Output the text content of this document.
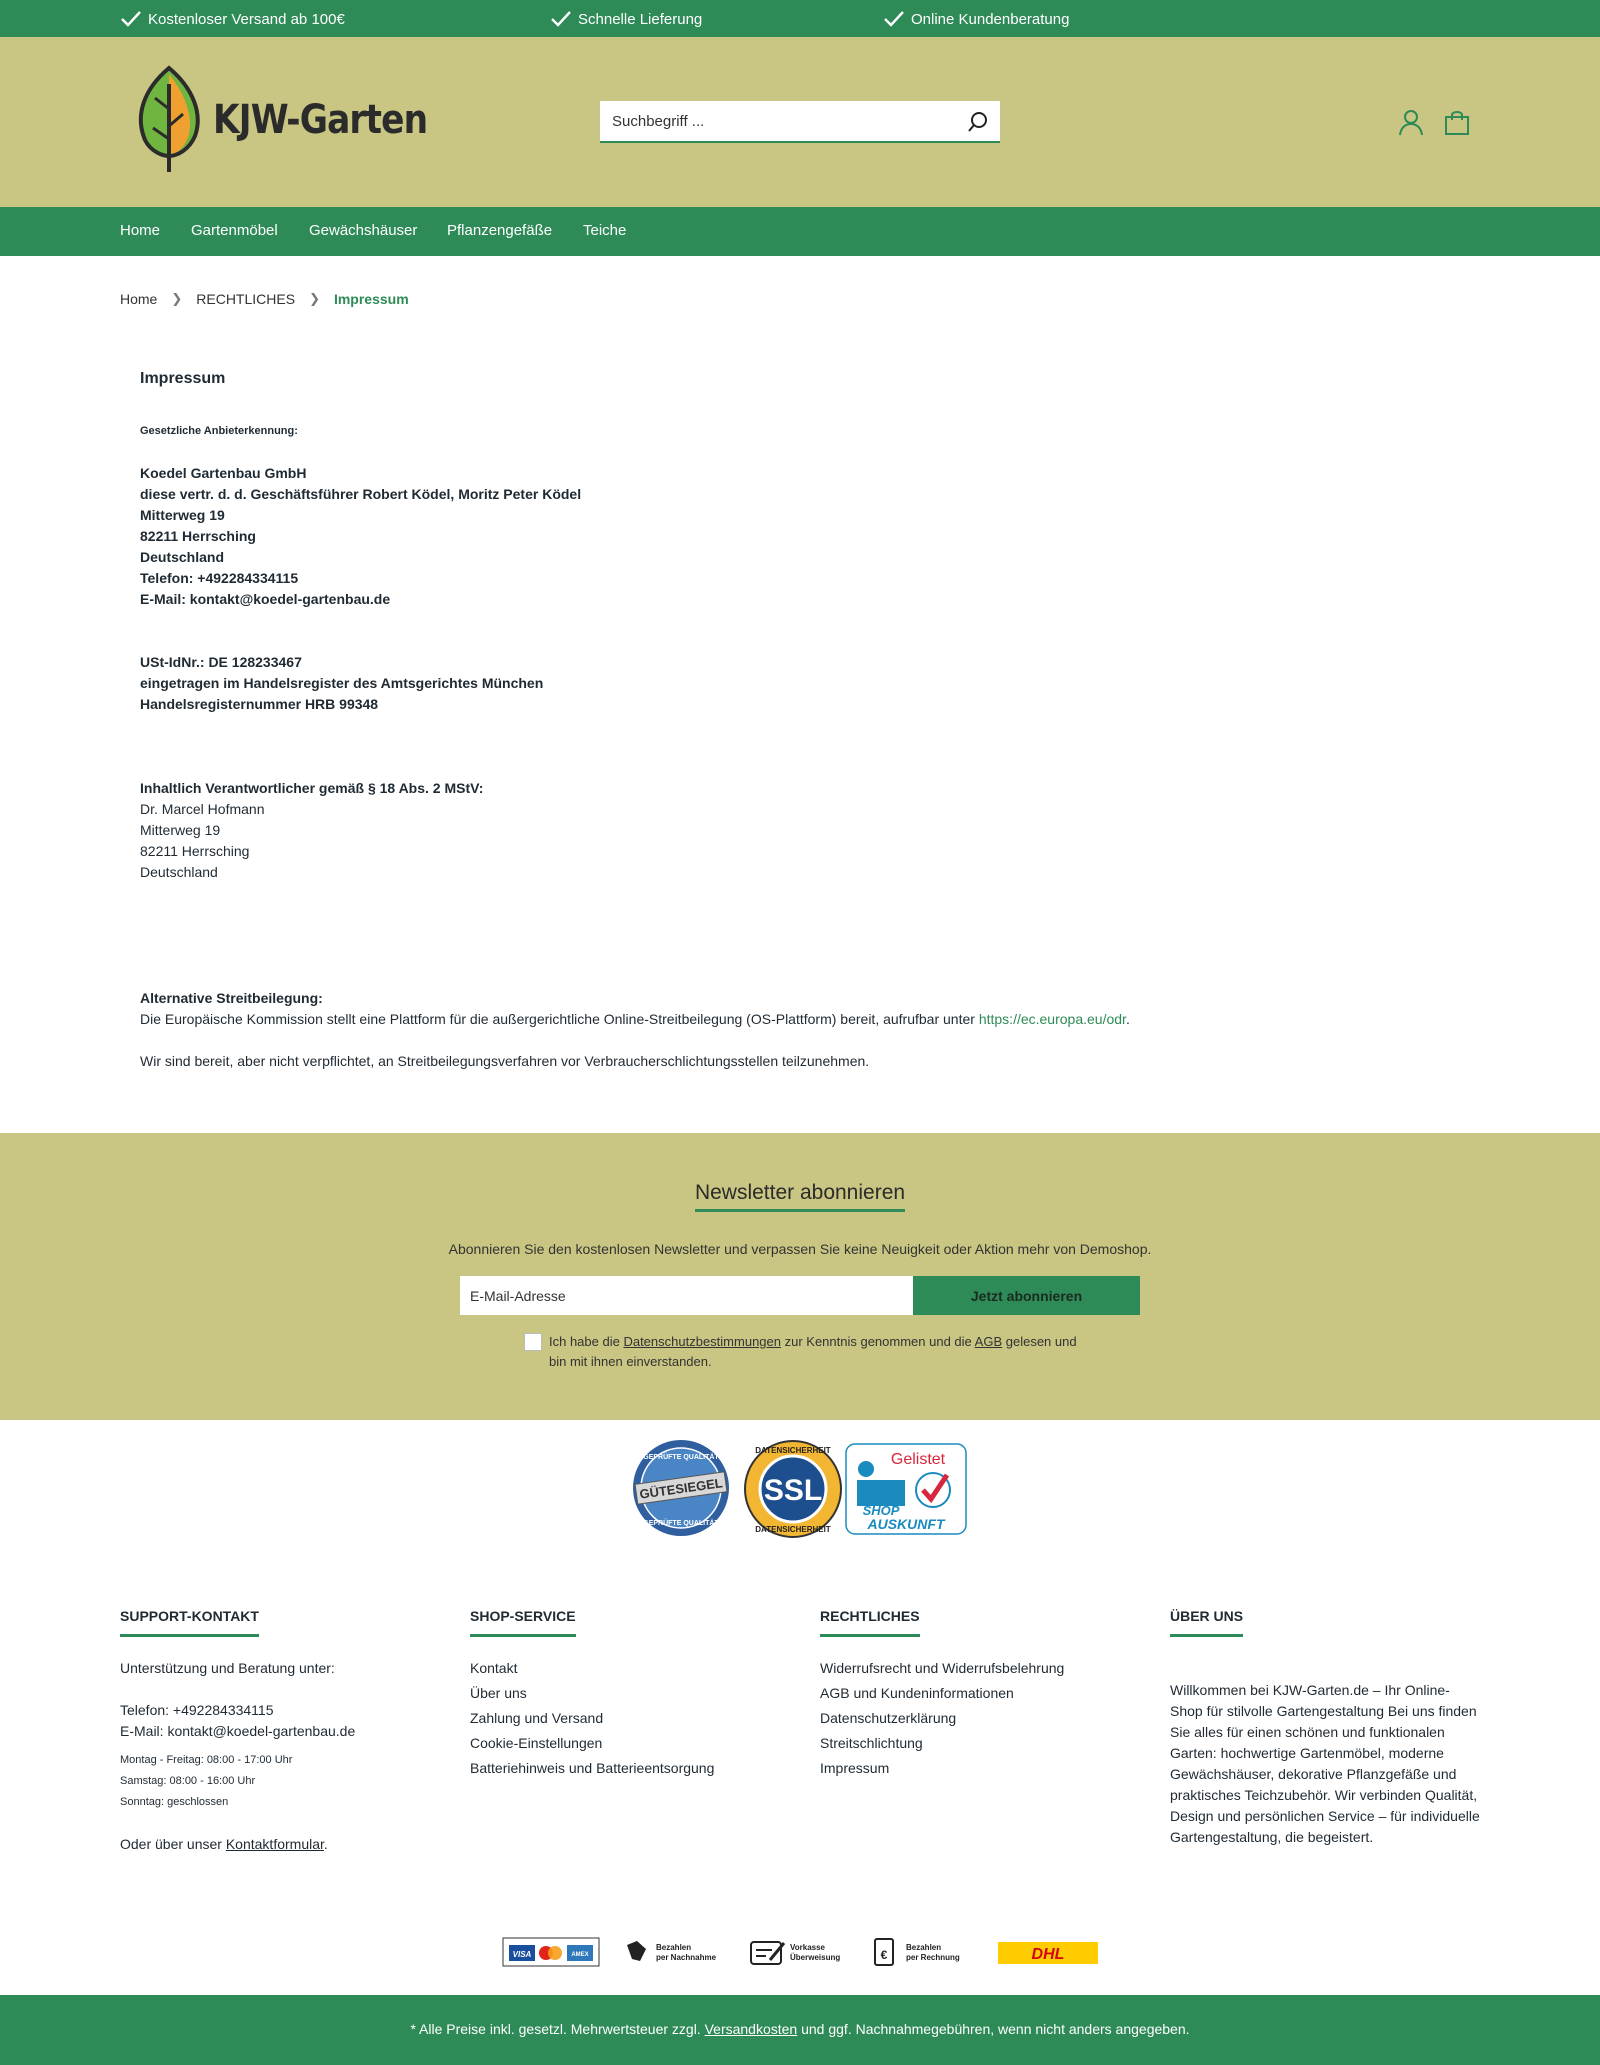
Kostenloser Versand ab 100€	Schnelle Lieferung	Online Kundenberatung
KJW-Garten
Suchbegriff ...
Home Gartenmöbel Gewächshäuser Pflanzengefäße Teiche
Home ❯ RECHTLICHES ❯ Impressum
Impressum
Gesetzliche Anbieterkennung:
Koedel Gartenbau GmbH
diese vertr. d. d. Geschäftsführer Robert Ködel, Moritz Peter Ködel
Mitterweg 19
82211 Herrsching
Deutschland
Telefon: +492284334115
E-Mail: kontakt@koedel-gartenbau.de
USt-IdNr.: DE 128233467
eingetragen im Handelsregister des Amtsgerichtes München
Handelsregisternummer HRB 99348
Inhaltlich Verantwortlicher gemäß § 18 Abs. 2 MStV:
Dr. Marcel Hofmann
Mitterweg 19
82211 Herrsching
Deutschland
Alternative Streitbeilegung:
Die Europäische Kommission stellt eine Plattform für die außergerichtliche Online-Streitbeilegung (OS-Plattform) bereit, aufrufbar unter https://ec.europa.eu/odr.
Wir sind bereit, aber nicht verpflichtet, an Streitbeilegungsverfahren vor Verbraucherschlichtungsstellen teilzunehmen.
Newsletter abonnieren
Abonnieren Sie den kostenlosen Newsletter und verpassen Sie keine Neuigkeit oder Aktion mehr von Demoshop.
E-Mail-Adresse
Jetzt abonnieren
Ich habe die Datenschutzbestimmungen zur Kenntnis genommen und die AGB gelesen und bin mit ihnen einverstanden.
GEPRÜFTE QUALITÄT
GÜTESIEGEL
GEPRÜFTE QUALITÄT
DATENSICHERHEIT
SSL
DATENSICHERHEIT
Gelistet
SHOP
AUSKUNFT
SUPPORT-KONTAKT
Unterstützung und Beratung unter:
Telefon: +492284334115
E-Mail: kontakt@koedel-gartenbau.de
Montag - Freitag: 08:00 - 17:00 Uhr
Samstag: 08:00 - 16:00 Uhr
Sonntag: geschlossen
Oder über unser Kontaktformular.
SHOP-SERVICE
Kontakt
Über uns
Zahlung und Versand
Cookie-Einstellungen
Batteriehinweis und Batterieentsorgung
RECHTLICHES
Widerrufsrecht und Widerrufsbelehrung
AGB und Kundeninformationen
Datenschutzerklärung
Streitschlichtung
Impressum
ÜBER UNS
Willkommen bei KJW-Garten.de – Ihr Online-Shop für stilvolle Gartengestaltung Bei uns finden Sie alles für einen schönen und funktionalen Garten: hochwertige Gartenmöbel, moderne Gewächshäuser, dekorative Pflanzgefäße und praktisches Teichzubehör. Wir verbinden Qualität, Design und persönlichen Service – für individuelle Gartengestaltung, die begeistert.
VISA	AMEX
Bezahlen
per Nachnahme
Vorkasse
Überweisung	€
Bezahlen
per Rechnung	DHL
* Alle Preise inkl. gesetzl. Mehrwertsteuer zzgl. Versandkosten und ggf. Nachnahmegebühren, wenn nicht anders angegeben.
